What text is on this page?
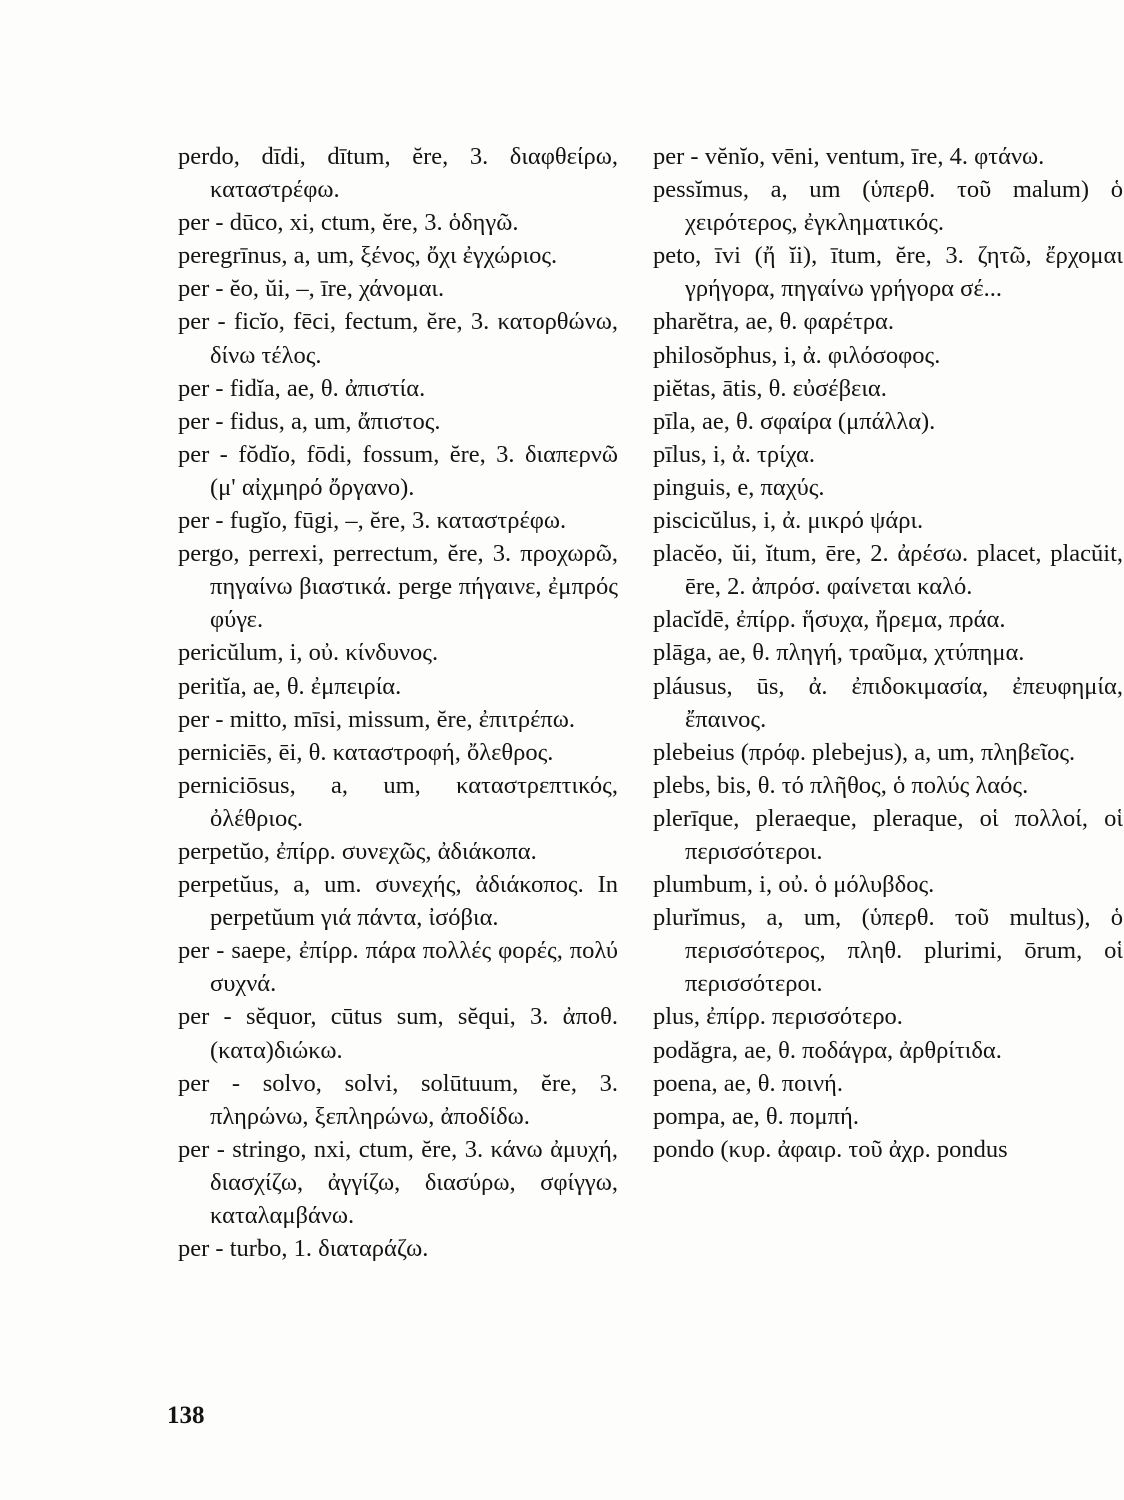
perdo, dīdi, dītum, ĕre, 3. διαφθείρω, καταστρέφω.

per - dūco, xi, ctum, ĕre, 3. ὁδηγῶ.

peregrīnus, a, um, ξένος, ὄχι ἐγχώριος.

per - ĕo, ŭi, –, īre, χάνομαι.

per - ficĭo, fēci, fectum, ĕre, 3. κατορθώνω, δίνω τέλος.

per - fidĭa, ae, θ. ἀπιστία.

per - fidus, a, um, ἄπιστος.

per - fŏdĭo, fōdi, fossum, ĕre, 3. διαπερνῶ (μ' αἰχμηρό ὄργανο).

per - fugĭo, fūgi, –, ĕre, 3. καταστρέφω.

pergo, perrexi, perrectum, ĕre, 3. προχωρῶ, πηγαίνω βιαστικά. perge πήγαινε, ἐμπρός φύγε.

pericŭlum, i, οὐ. κίνδυνος.

peritĭa, ae, θ. ἐμπειρία.

per - mitto, mīsi, missum, ĕre, ἐπιτρέπω.

perniciēs, ēi, θ. καταστροφή, ὄλεθρος.

perniciōsus, a, um, καταστρεπτικός, ὀλέθριος.

perpetŭo, ἐπίρρ. συνεχῶς, ἀδιάκοπα.

perpetŭus, a, um. συνεχής, ἀδιάκοπος. In perpetŭum γιά πάντα, ἰσόβια.

per - saepe, ἐπίρρ. πάρα πολλές φορές, πολύ συχνά.

per - sĕquor, cūtus sum, sĕqui, 3. ἀποθ. (κατα)διώκω.

per - solvo, solvi, solūtuum, ĕre, 3. πληρώνω, ξεπληρώνω, ἀποδίδω.

per - stringo, nxi, ctum, ĕre, 3. κάνω ἀμυχή, διασχίζω, ἀγγίζω, διασύρω, σφίγγω, καταλαμβάνω.

per - turbo, 1. διαταράζω.

per - vĕnĭo, vēni, ventum, īre, 4. φτάνω.

pessĭmus, a, um (ὑπερθ. τοῦ malum) ὁ χειρότερος, ἐγκληματικός.

peto, īvi (ἤ ĭi), ītum, ĕre, 3. ζητῶ, ἔρχομαι γρήγορα, πηγαίνω γρήγορα σέ...

pharĕtra, ae, θ. φαρέτρα.

philosŏphus, i, ἀ. φιλόσοφος.

piĕtas, ātis, θ. εὐσέβεια.

pīla, ae, θ. σφαίρα (μπάλλα).

pīlus, i, ἀ. τρίχα.

pinguis, e, παχύς.

piscicŭlus, i, ἀ. μικρό ψάρι.

placĕo, ŭi, ĭtum, ēre, 2. ἀρέσω. placet, placŭit, ēre, 2. ἀπρόσ. φαίνεται καλό.

placĭdē, ἐπίρρ. ἥσυχα, ἤρεμα, πράα.

plāga, ae, θ. πληγή, τραῦμα, χτύπημα.

pláusus, ūs, ἀ. ἐπιδοκιμασία, ἐπευφημία, ἔπαινος.

plebeius (πρόφ. plebejus), a, um, πληβεῖος.

plebs, bis, θ. τό πλῆθος, ὁ πολύς λαός.

plerīque, pleraeque, pleraque, οἱ πολλοί, οἱ περισσότεροι.

plumbum, i, οὐ. ὁ μόλυβδος.

plurĭmus, a, um, (ὑπερθ. τοῦ multus), ὁ περισσότερος, πληθ. plurimi, ōrum, οἱ περισσότεροι.

plus, ἐπίρρ. περισσότερο.

podăgra, ae, θ. ποδάγρα, ἀρθρίτιδα.

poena, ae, θ. ποινή.

pompa, ae, θ. πομπή.

pondo (κυρ. ἀφαιρ. τοῦ ἀχρ. pondus

138
